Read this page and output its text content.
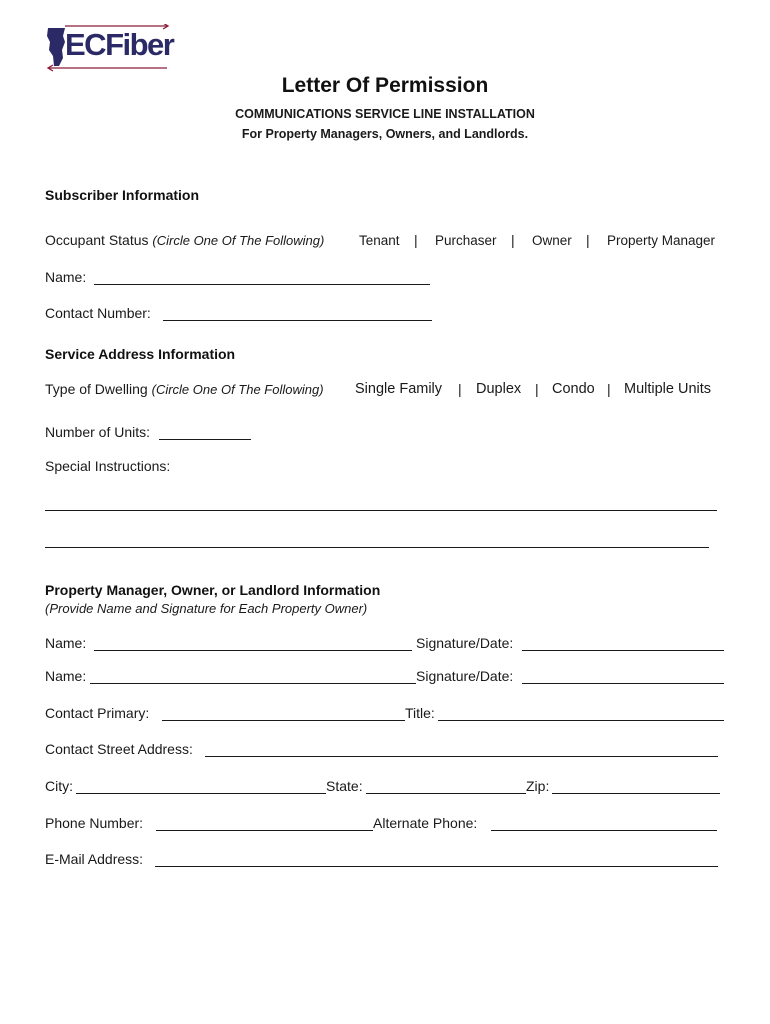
ECFiber
Letter Of Permission
COMMUNICATIONS SERVICE LINE INSTALLATION
For Property Managers, Owners, and Landlords.
Subscriber Information
Occupant Status (Circle One Of The Following)	Tenant | Purchaser | Owner | Property Manager
Name:
Contact Number:
Service Address Information
Type of Dwelling (Circle One Of The Following) Single Family | Duplex | Condo | Multiple Units
Number of Units:
Special Instructions:
Property Manager, Owner, or Landlord Information
(Provide Name and Signature for Each Property Owner)
Name:	Signature/Date:
Name:	Signature/Date:
Contact Primary:	Title:
Contact Street Address:
City:	State:	Zip:
Phone Number:	Alternate Phone:
E-Mail Address:
